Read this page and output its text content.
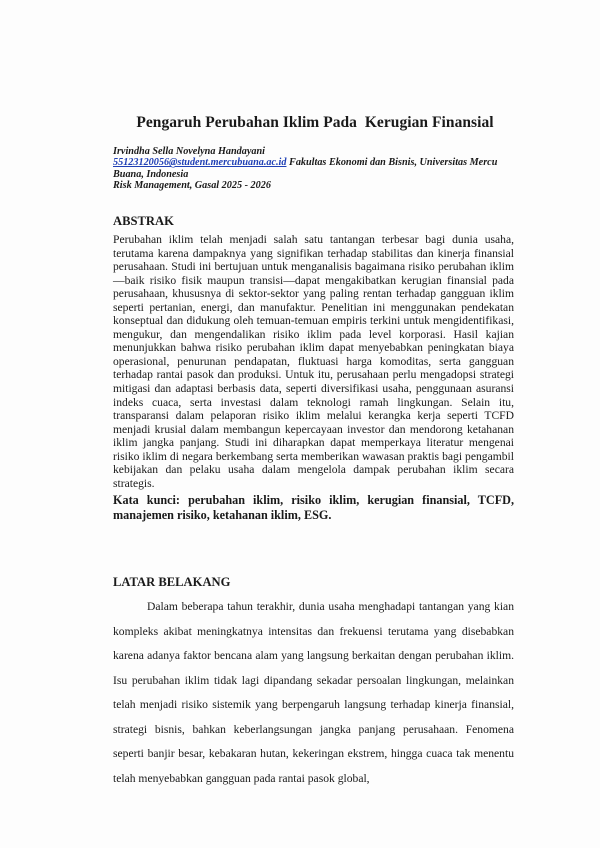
Pengaruh Perubahan Iklim Pada  Kerugian Finansial
Irvindha Sella Novelyna Handayani
55123120056@student.mercubuana.ac.id Fakultas Ekonomi dan Bisnis, Universitas Mercu Buana, Indonesia
Risk Management, Gasal 2025 - 2026
ABSTRAK

Perubahan iklim telah menjadi salah satu tantangan terbesar bagi dunia usaha, terutama karena dampaknya yang signifikan terhadap stabilitas dan kinerja finansial perusahaan. Studi ini bertujuan untuk menganalisis bagaimana risiko perubahan iklim—baik risiko fisik maupun transisi—dapat mengakibatkan kerugian finansial pada perusahaan, khususnya di sektor-sektor yang paling rentan terhadap gangguan iklim seperti pertanian, energi, dan manufaktur. Penelitian ini menggunakan pendekatan konseptual dan didukung oleh temuan-temuan empiris terkini untuk mengidentifikasi, mengukur, dan mengendalikan risiko iklim pada level korporasi. Hasil kajian menunjukkan bahwa risiko perubahan iklim dapat menyebabkan peningkatan biaya operasional, penurunan pendapatan, fluktuasi harga komoditas, serta gangguan terhadap rantai pasok dan produksi. Untuk itu, perusahaan perlu mengadopsi strategi mitigasi dan adaptasi berbasis data, seperti diversifikasi usaha, penggunaan asuransi indeks cuaca, serta investasi dalam teknologi ramah lingkungan. Selain itu, transparansi dalam pelaporan risiko iklim melalui kerangka kerja seperti TCFD menjadi krusial dalam membangun kepercayaan investor dan mendorong ketahanan iklim jangka panjang. Studi ini diharapkan dapat memperkaya literatur mengenai risiko iklim di negara berkembang serta memberikan wawasan praktis bagi pengambil kebijakan dan pelaku usaha dalam mengelola dampak perubahan iklim secara strategis.

Kata kunci: perubahan iklim, risiko iklim, kerugian finansial, TCFD, manajemen risiko, ketahanan iklim, ESG.

LATAR BELAKANG

Dalam beberapa tahun terakhir, dunia usaha menghadapi tantangan yang kian kompleks akibat meningkatnya intensitas dan frekuensi terutama yang disebabkan karena adanya faktor bencana alam yang langsung berkaitan dengan perubahan iklim. Isu perubahan iklim tidak lagi dipandang sekadar persoalan lingkungan, melainkan telah menjadi risiko sistemik yang berpengaruh langsung terhadap kinerja finansial, strategi bisnis, bahkan keberlangsungan jangka panjang perusahaan. Fenomena seperti banjir besar, kebakaran hutan, kekeringan ekstrem, hingga cuaca tak menentu telah menyebabkan gangguan pada rantai pasok global,
